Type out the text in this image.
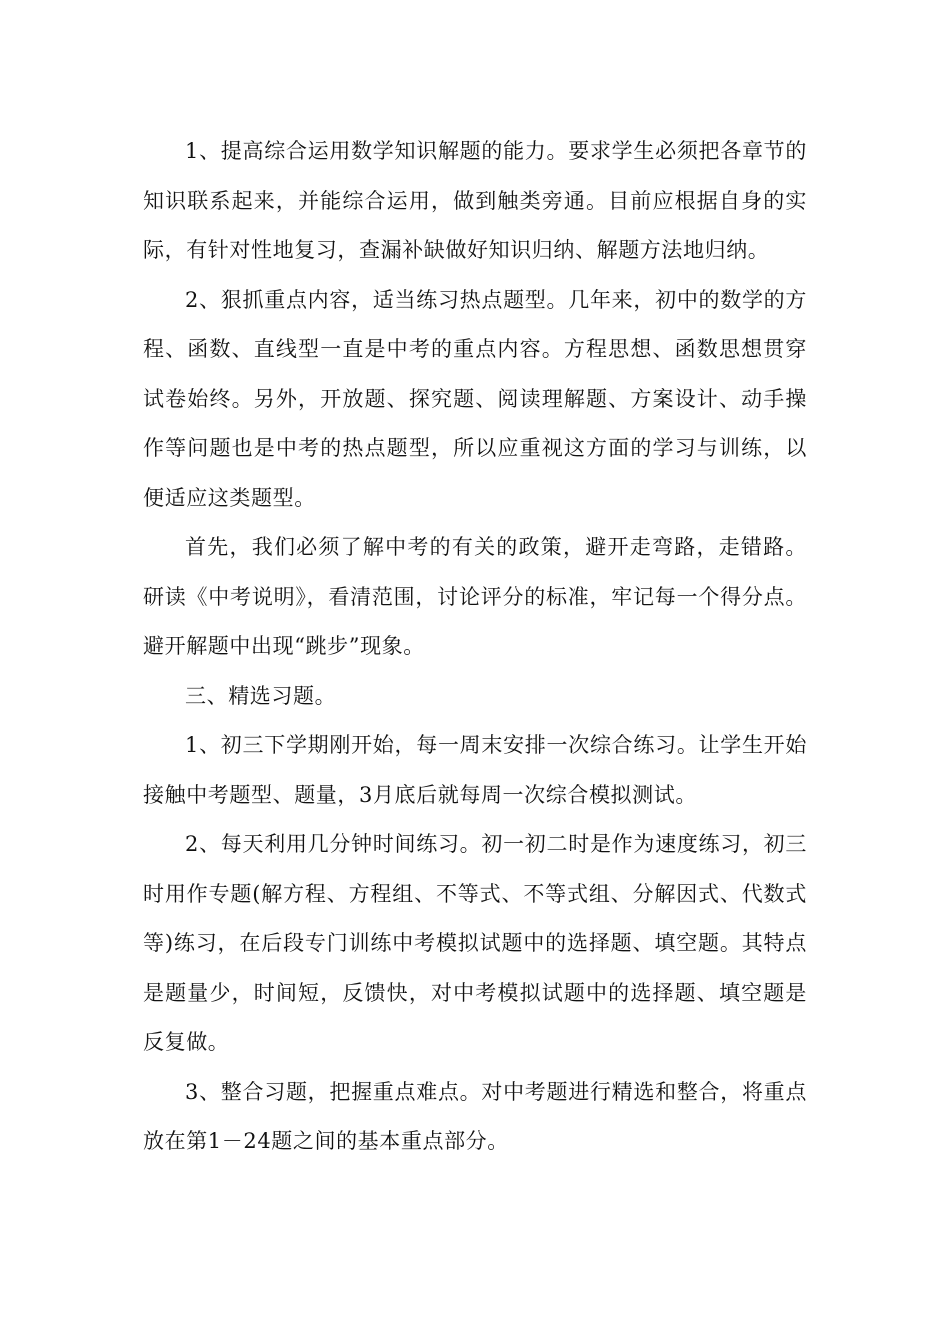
1、提高综合运用数学知识解题的能力。要求学生必须把各章节的知识联系起来，并能综合运用，做到触类旁通。目前应根据自身的实际，有针对性地复习，查漏补缺做好知识归纳、解题方法地归纳。

2、狠抓重点内容，适当练习热点题型。几年来，初中的数学的方程、函数、直线型一直是中考的重点内容。方程思想、函数思想贯穿试卷始终。另外，开放题、探究题、阅读理解题、方案设计、动手操作等问题也是中考的热点题型，所以应重视这方面的学习与训练，以便适应这类题型。

首先，我们必须了解中考的有关的政策，避开走弯路，走错路。研读《中考说明》，看清范围，讨论评分的标准，牢记每一个得分点。避开解题中出现“跳步”现象。

三、精选习题。

1、初三下学期刚开始，每一周末安排一次综合练习。让学生开始接触中考题型、题量，3月底后就每周一次综合模拟测试。

2、每天利用几分钟时间练习。初一初二时是作为速度练习，初三时用作专题(解方程、方程组、不等式、不等式组、分解因式、代数式等)练习，在后段专门训练中考模拟试题中的选择题、填空题。其特点是题量少，时间短，反馈快，对中考模拟试题中的选择题、填空题是反复做。

3、整合习题，把握重点难点。对中考题进行精选和整合，将重点放在第1－24题之间的基本重点部分。
